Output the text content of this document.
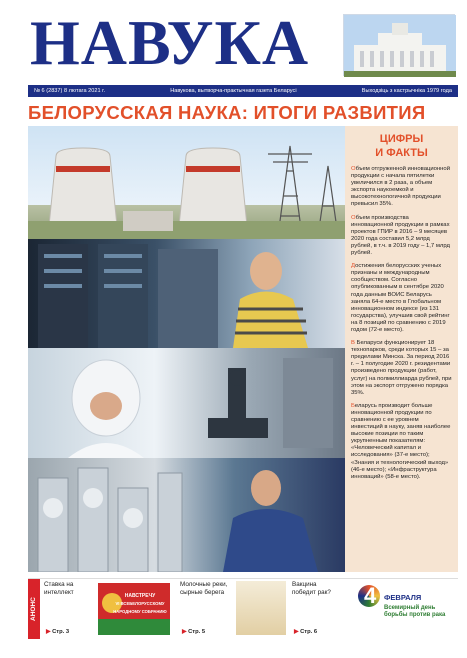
НАВУКА
№ 6 (2837) 8 лютага 2021 г.	Навукова, вытворча-практычная газета Беларусі	Выходзіць з кастрычніка 1979 года
БЕЛОРУССКАЯ НАУКА: ИТОГИ РАЗВИТИЯ
ЦИФРЫ
И ФАКТЫ
Объем отгруженной инновационной продукции с начала пятилетки увеличился в 2 раза, а объем экспорта наукоемкой и высокотехнологичной продукции превысил 35%.
Объем производства инновационной продукции в рамках проектов ГПИР в 2016 – 9 месяцев 2020 года составил 5,2 млрд рублей, в т.ч. в 2019 году – 1,7 млрд рублей.
Достижения белорусских ученых признаны и международным сообществом. Согласно опубликованным в сентябре 2020 года данным ВОИС Беларусь заняла 64-е место в Глобальном инновационном индексе (из 131 государства), улучшив свой рейтинг на 8 позиций по сравнению с 2019 годом (72-е место).
В Беларуси функционирует 18 технопарков, среди которых 15 – за пределами Минска. За период 2016 г. – 1 полугодие 2020 г. резидентами произведено продукции (работ, услуг) на полмиллиарда рублей, при этом на экспорт отгружено порядка 35%.
Беларусь производит больше инновационной продукции по сравнению с ее уровнем инвестиций в науку, заняв наиболее высокие позиции по таким укрупненным показателям: «Человеческий капитал и исследования» (37-е место); «Знания и технологический выход» (46-е место); «Инфраструктура инноваций» (58-е место).
АНОНС
Ставка на интеллект
▶ Стр. 3
НАВСТРЕЧУ
VI ВСЕБЕЛОРУССКОМУ
НАРОДНОМУ СОБРАНИЮ
Молочные реки, сырные берега
▶ Стр. 5
Вакцина победит рак?
▶ Стр. 6
4 ФЕВРАЛЯ
Всемирный день борьбы против рака
